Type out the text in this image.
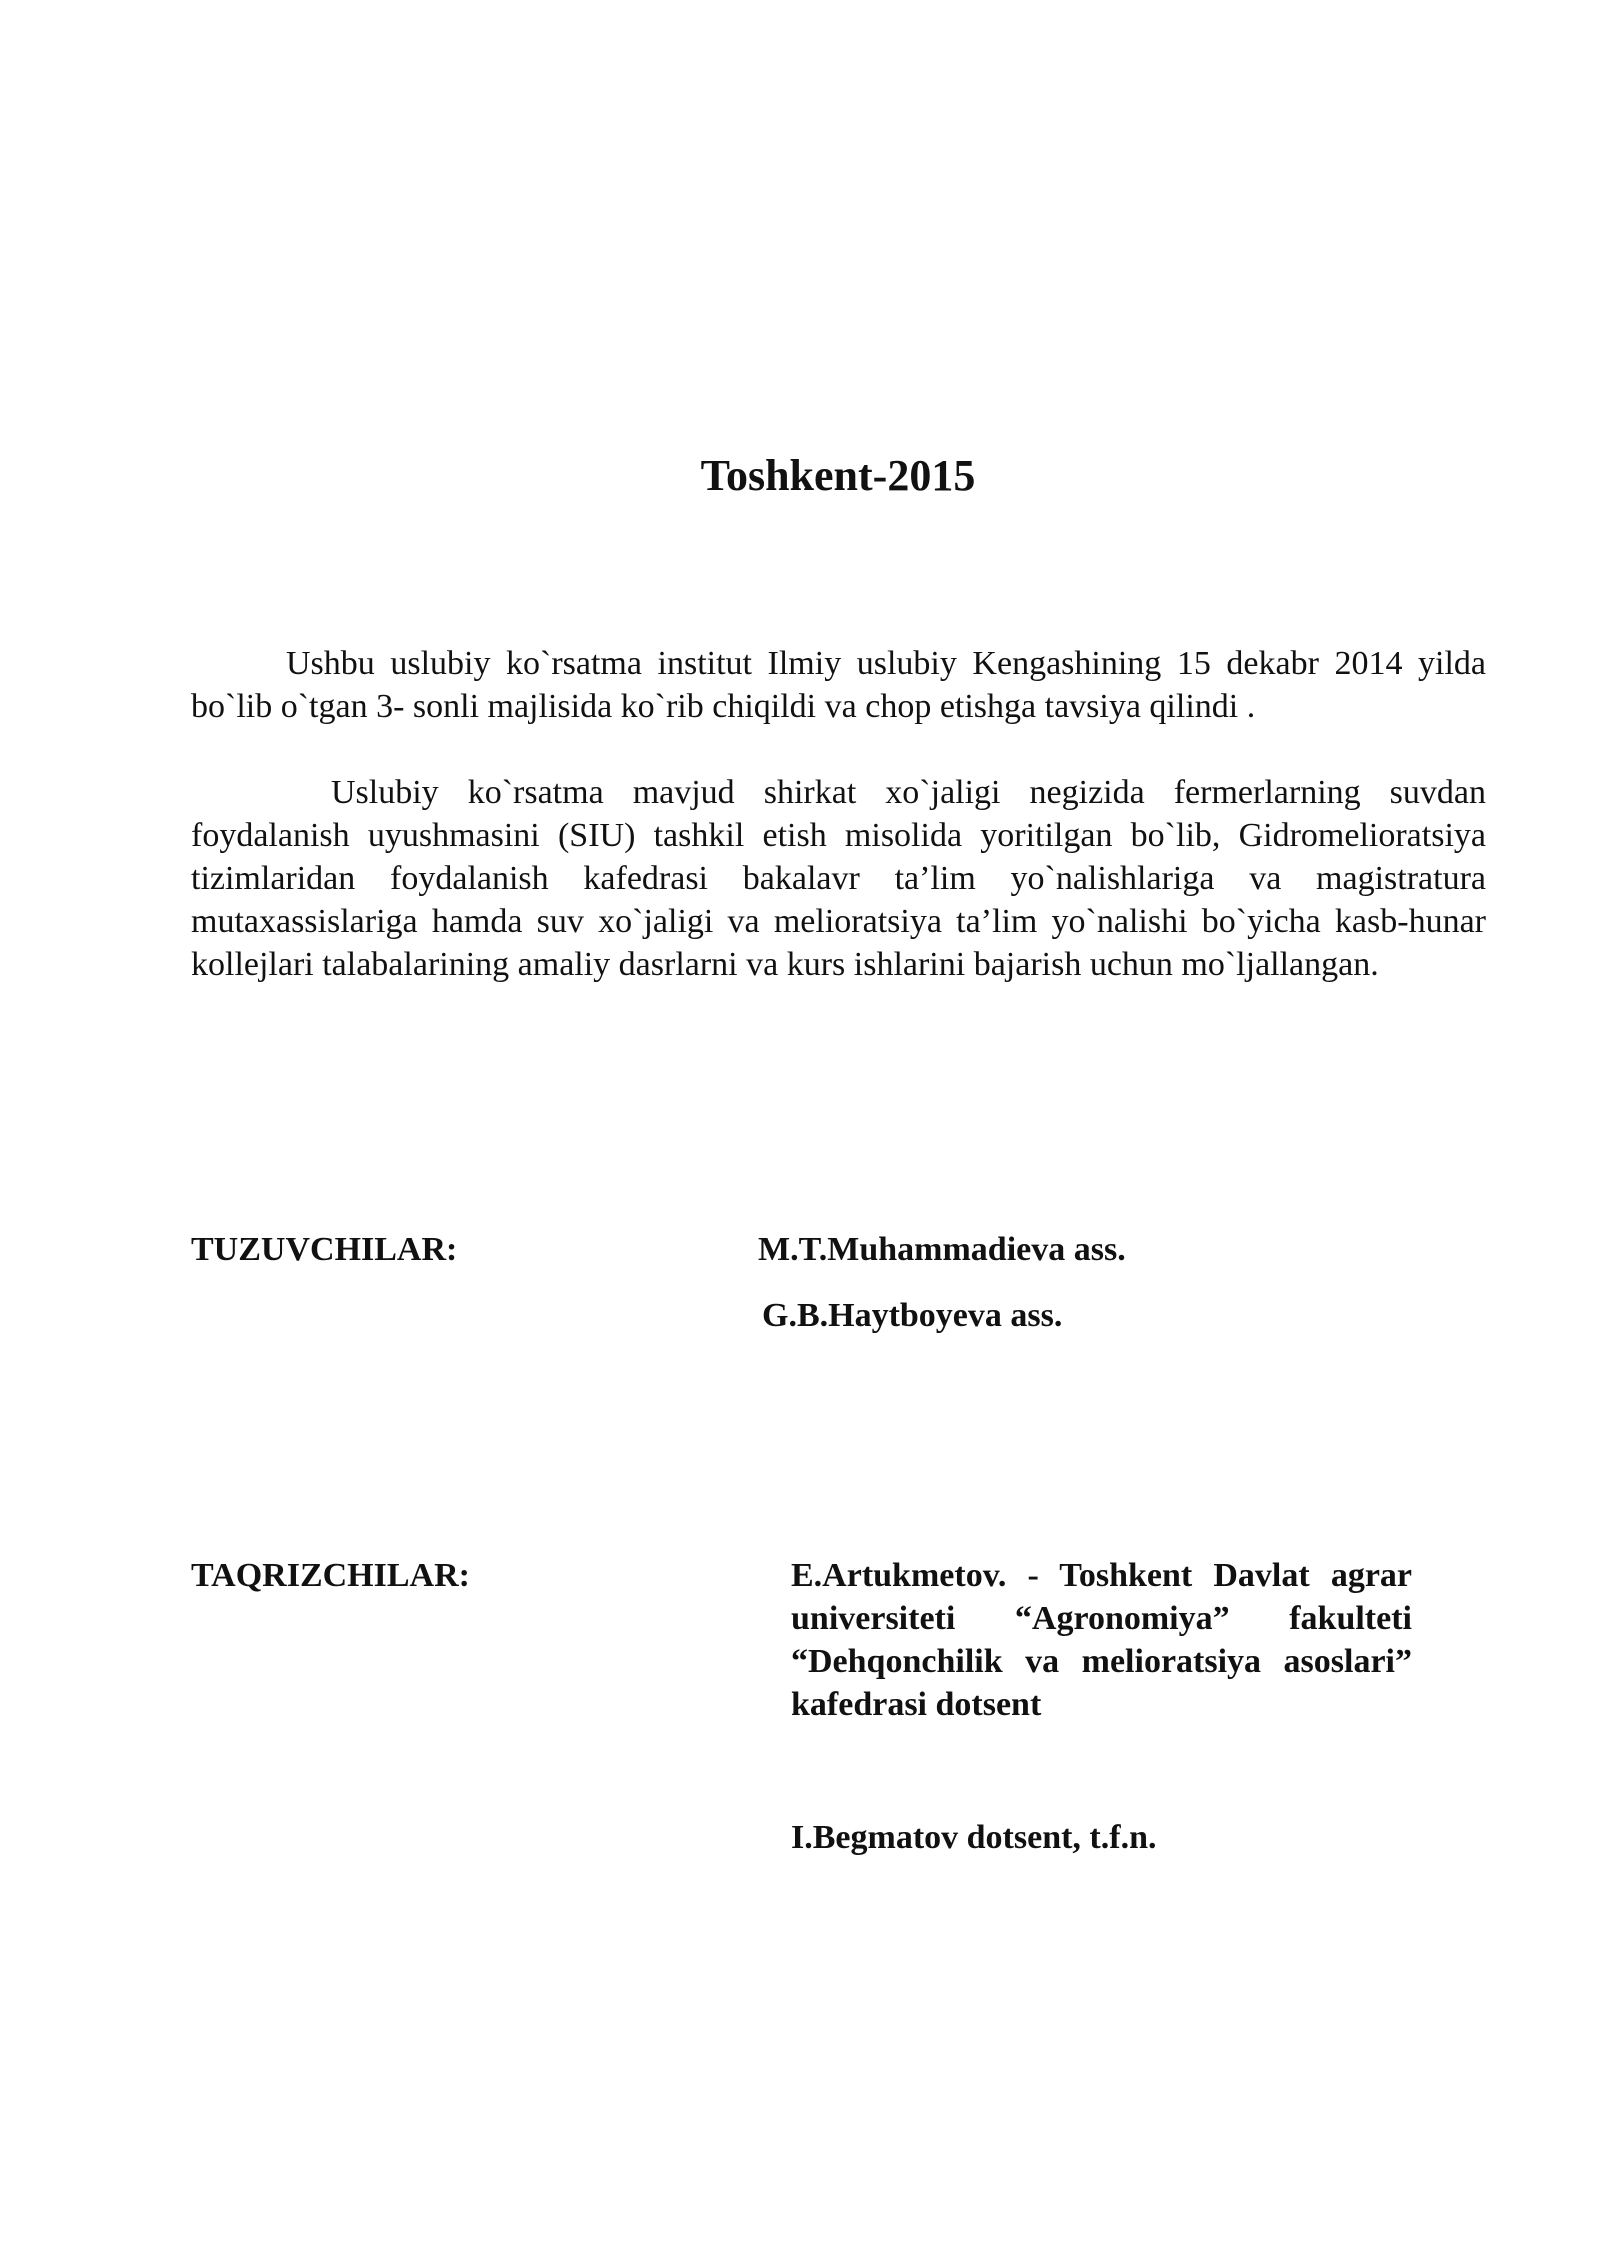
Toshkent-2015

Ushbu uslubiy ko`rsatma institut Ilmiy uslubiy Kengashining 15 dekabr 2014 yilda bo`lib o`tgan 3- sonli majlisida ko`rib chiqildi va chop etishga tavsiya qilindi .

Uslubiy ko`rsatma mavjud shirkat xo`jaligi negizida fermerlarning suvdan foydalanish uyushmasini (SIU) tashkil etish misolida yoritilgan bo`lib, Gidromelioratsiya tizimlaridan foydalanish kafedrasi bakalavr ta’lim yo`nalishlariga va magistratura mutaxassislariga hamda suv xo`jaligi va melioratsiya ta’lim yo`nalishi bo`yicha kasb-hunar kollejlari talabalarining amaliy dasrlarni va kurs ishlarini bajarish uchun mo`ljallangan.

TUZUVCHILAR:	M.T.Muhammadieva ass.
G.B.Haytboyeva ass.
TAQRIZCHILAR:	E.Artukmetov. - Toshkent Davlat agrar universiteti “Agronomiya” fakulteti “Dehqonchilik va melioratsiya asoslari” kafedrasi dotsent

I.Begmatov dotsent, t.f.n.
